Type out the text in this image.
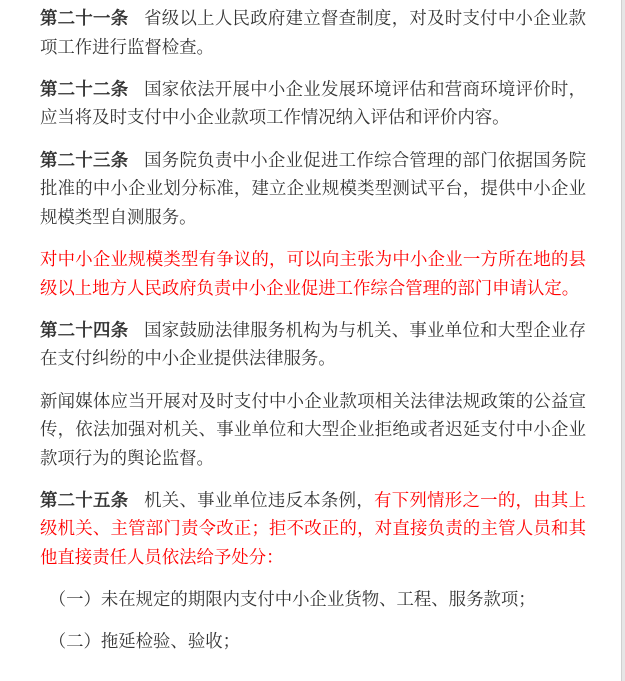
第二十一条 省级以上人民政府建立督查制度，对及时支付中小企业款项工作进行监督检查。

第二十二条 国家依法开展中小企业发展环境评估和营商环境评价时，应当将及时支付中小企业款项工作情况纳入评估和评价内容。

第二十三条 国务院负责中小企业促进工作综合管理的部门依据国务院批准的中小企业划分标准，建立企业规模类型测试平台，提供中小企业规模类型自测服务。

对中小企业规模类型有争议的，可以向主张为中小企业一方所在地的县级以上地方人民政府负责中小企业促进工作综合管理的部门申请认定。

第二十四条 国家鼓励法律服务机构为与机关、事业单位和大型企业存在支付纠纷的中小企业提供法律服务。

新闻媒体应当开展对及时支付中小企业款项相关法律法规政策的公益宣传，依法加强对机关、事业单位和大型企业拒绝或者迟延支付中小企业款项行为的舆论监督。

第二十五条 机关、事业单位违反本条例，有下列情形之一的，由其上级机关、主管部门责令改正；拒不改正的，对直接负责的主管人员和其他直接责任人员依法给予处分：

（一）未在规定的期限内支付中小企业货物、工程、服务款项；

（二）拖延检验、验收；
